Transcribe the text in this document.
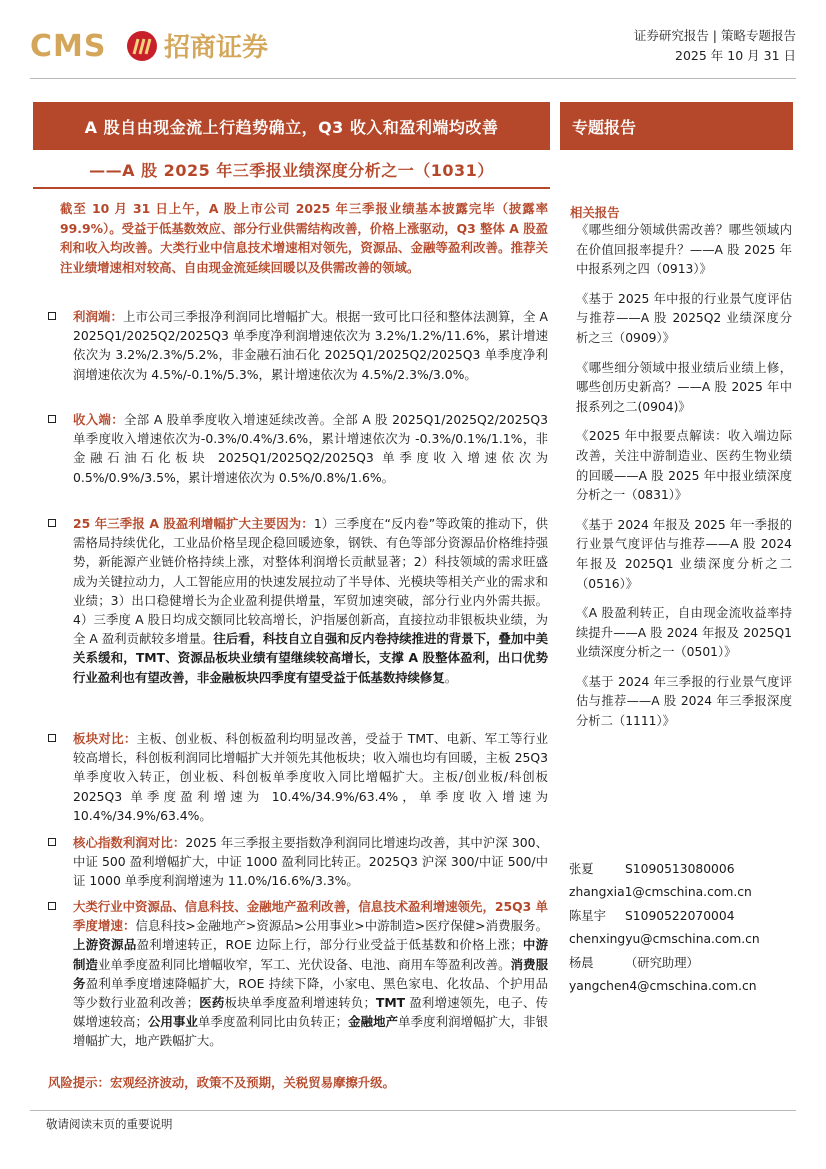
CMS 招商证券	证券研究报告 | 策略专题报告
2025 年 10 月 31 日
A 股自由现金流上行趋势确立，Q3 收入和盈利端均改善	专题报告
——A 股 2025 年三季报业绩深度分析之一（1031）
截至 10 月 31 日上午，A 股上市公司 2025 年三季报业绩基本披露完毕（披露率 99.9%）。受益于低基数效应、部分行业供需结构改善，价格上涨驱动，Q3 整体 A 股盈利和收入均改善。大类行业中信息技术增速相对领先，资源品、金融等盈利改善。推荐关注业绩增速相对较高、自由现金流延续回暖以及供需改善的领域。
利润端：上市公司三季报净利润同比增幅扩大。根据一致可比口径和整体法测算，全 A 2025Q1/2025Q2/2025Q3 单季度净利润增速依次为 3.2%/1.2%/11.6%，累计增速依次为 3.2%/2.3%/5.2%，非金融石油石化 2025Q1/2025Q2/2025Q3 单季度净利润增速依次为 4.5%/-0.1%/5.3%，累计增速依次为 4.5%/2.3%/3.0%。
收入端：全部 A 股单季度收入增速延续改善。全部 A 股 2025Q1/2025Q2/2025Q3 单季度收入增速依次为-0.3%/0.4%/3.6%，累计增速依次为 -0.3%/0.1%/1.1%，非金融石油石化板块 2025Q1/2025Q2/2025Q3 单季度收入增速依次为 0.5%/0.9%/3.5%，累计增速依次为 0.5%/0.8%/1.6%。
25 年三季报 A 股盈利增幅扩大主要因为：1）三季度在“反内卷”等政策的推动下，供需格局持续优化，工业品价格呈现企稳回暖迹象，钢铁、有色等部分资源品价格维持强势，新能源产业链价格持续上涨，对整体利润增长贡献显著；2）科技领域的需求旺盛成为关键拉动力，人工智能应用的快速发展拉动了半导体、光模块等相关产业的需求和业绩；3）出口稳健增长为企业盈利提供增量，军贸加速突破，部分行业内外需共振。4）三季度 A 股日均成交额同比较高增长，沪指屡创新高，直接拉动非银板块业绩，为全 A 盈利贡献较多增量。往后看，科技自立自强和反内卷持续推进的背景下，叠加中美关系缓和，TMT、资源品板块业绩有望继续较高增长，支撑 A 股整体盈利，出口优势行业盈利也有望改善，非金融板块四季度有望受益于低基数持续修复。
板块对比：主板、创业板、科创板盈利均明显改善，受益于 TMT、电新、军工等行业较高增长，科创板利润同比增幅扩大并领先其他板块；收入端也均有回暖，主板 25Q3 单季度收入转正，创业板、科创板单季度收入同比增幅扩大。主板/创业板/科创板 2025Q3 单季度盈利增速为 10.4%/34.9%/63.4%，单季度收入增速为 10.4%/34.9%/63.4%。
核心指数利润对比：2025 年三季报主要指数净利润同比增速均改善，其中沪深 300、中证 500 盈利增幅扩大，中证 1000 盈利同比转正。2025Q3 沪深 300/中证 500/中证 1000 单季度利润增速为 11.0%/16.6%/3.3%。
大类行业中资源品、信息科技、金融地产盈利改善，信息技术盈利增速领先，25Q3 单季度增速：信息科技>金融地产>资源品>公用事业>中游制造>医疗保健>消费服务。上游资源品盈利增速转正，ROE 边际上行，部分行业受益于低基数和价格上涨；中游制造业单季度盈利同比增幅收窄，军工、光伏设备、电池、商用车等盈利改善。消费服务盈利单季度增速降幅扩大，ROE 持续下降，小家电、黑色家电、化妆品、个护用品等少数行业盈利改善；医药板块单季度盈利增速转负；TMT 盈利增速领先，电子、传媒增速较高；公用事业单季度盈利同比由负转正；金融地产单季度利润增幅扩大，非银增幅扩大，地产跌幅扩大。
风险提示：宏观经济波动，政策不及预期，关税贸易摩擦升级。
相关报告
《哪些细分领域供需改善？哪些领域内在价值回报率提升？——A 股 2025 年中报系列之四（0913）》
《基于 2025 年中报的行业景气度评估与推荐——A 股 2025Q2 业绩深度分析之三（0909）》
《哪些细分领域中报业绩后业绩上修，哪些创历史新高？——A 股 2025 年中报系列之二(0904)》
《2025 年中报要点解读：收入端边际改善，关注中游制造业、医药生物业绩的回暖——A 股 2025 年中报业绩深度分析之一（0831）》
《基于 2024 年报及 2025 年一季报的行业景气度评估与推荐——A 股 2024 年报及 2025Q1 业绩深度分析之二（0516）》
《A 股盈利转正，自由现金流收益率持续提升——A 股 2024 年报及 2025Q1 业绩深度分析之一（0501）》
《基于 2024 年三季报的行业景气度评估与推荐——A 股 2024 年三季报深度分析二（1111）》
张夏	S1090513080006
zhangxia1@cmschina.com.cn
陈星宇	S1090522070004
chenxingyu@cmschina.com.cn
杨晨	（研究助理）
yangchen4@cmschina.com.cn
敬请阅读末页的重要说明
